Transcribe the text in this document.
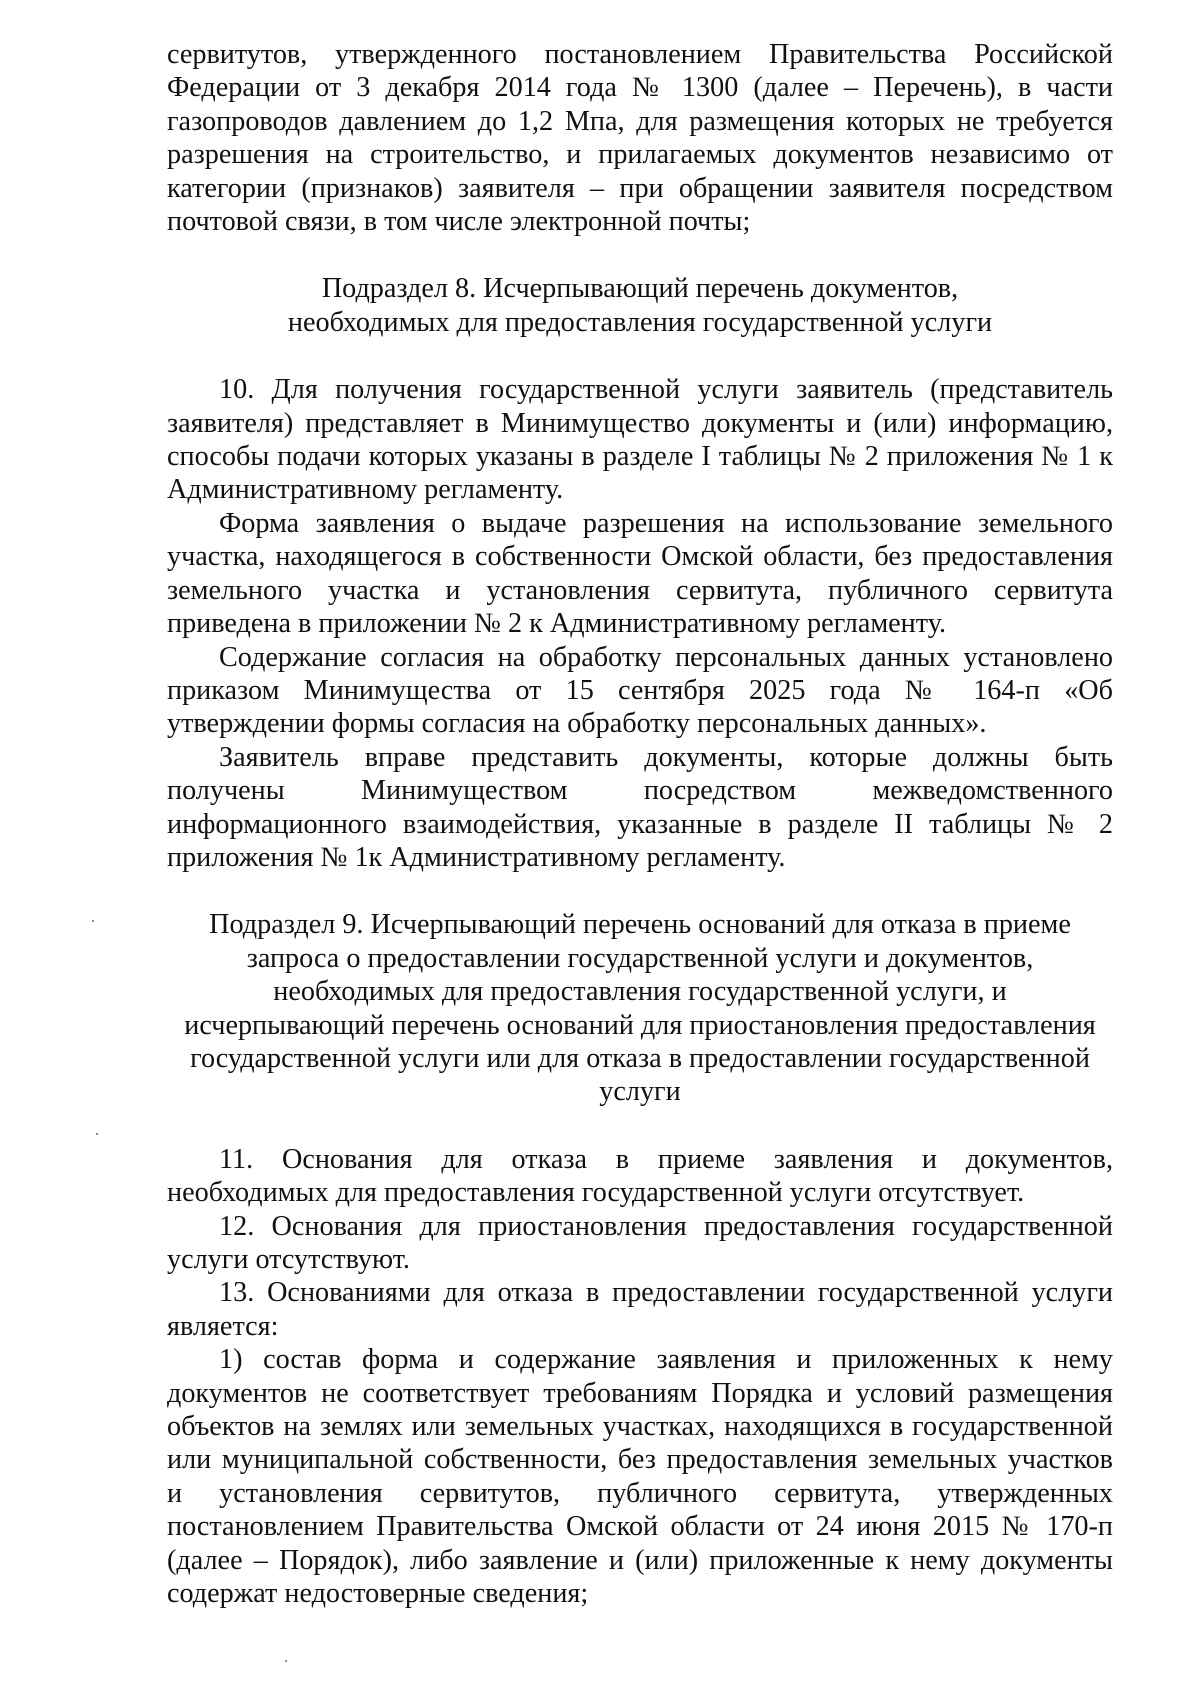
сервитутов, утвержденного постановлением Правительства Российской
Федерации от 3 декабря 2014 года № 1300 (далее – Перечень), в части
газопроводов давлением до 1,2 Мпа, для размещения которых не требуется
разрешения на строительство, и прилагаемых документов независимо от
категории (признаков) заявителя – при обращении заявителя посредством
почтовой связи, в том числе электронной почты;
Подраздел 8. Исчерпывающий перечень документов,
необходимых для предоставления государственной услуги
10. Для получения государственной услуги заявитель (представитель
заявителя) представляет в Минимущество документы и (или) информацию,
способы подачи которых указаны в разделе I таблицы № 2 приложения № 1 к
Административному регламенту.
Форма заявления о выдаче разрешения на использование земельного
участка, находящегося в собственности Омской области, без предоставления
земельного участка и установления сервитута, публичного сервитута
приведена в приложении № 2 к Административному регламенту.
Содержание согласия на обработку персональных данных установлено
приказом Минимущества от 15 сентября 2025 года № 164-п «Об
утверждении формы согласия на обработку персональных данных».
Заявитель вправе представить документы, которые должны быть
получены Минимуществом посредством межведомственного
информационного взаимодействия, указанные в разделе II таблицы № 2
приложения № 1к Административному регламенту.
Подраздел 9. Исчерпывающий перечень оснований для отказа в приеме
запроса о предоставлении государственной услуги и документов,
необходимых для предоставления государственной услуги, и
исчерпывающий перечень оснований для приостановления предоставления
государственной услуги или для отказа в предоставлении государственной
услуги
11. Основания для отказа в приеме заявления и документов,
необходимых для предоставления государственной услуги отсутствует.
12. Основания для приостановления предоставления государственной
услуги отсутствуют.
13. Основаниями для отказа в предоставлении государственной услуги
является:
1) состав форма и содержание заявления и приложенных к нему
документов не соответствует требованиям Порядка и условий размещения
объектов на землях или земельных участках, находящихся в государственной
или муниципальной собственности, без предоставления земельных участков
и установления сервитутов, публичного сервитута, утвержденных
постановлением Правительства Омской области от 24 июня 2015 № 170-п
(далее – Порядок), либо заявление и (или) приложенные к нему документы
содержат недостоверные сведения;
